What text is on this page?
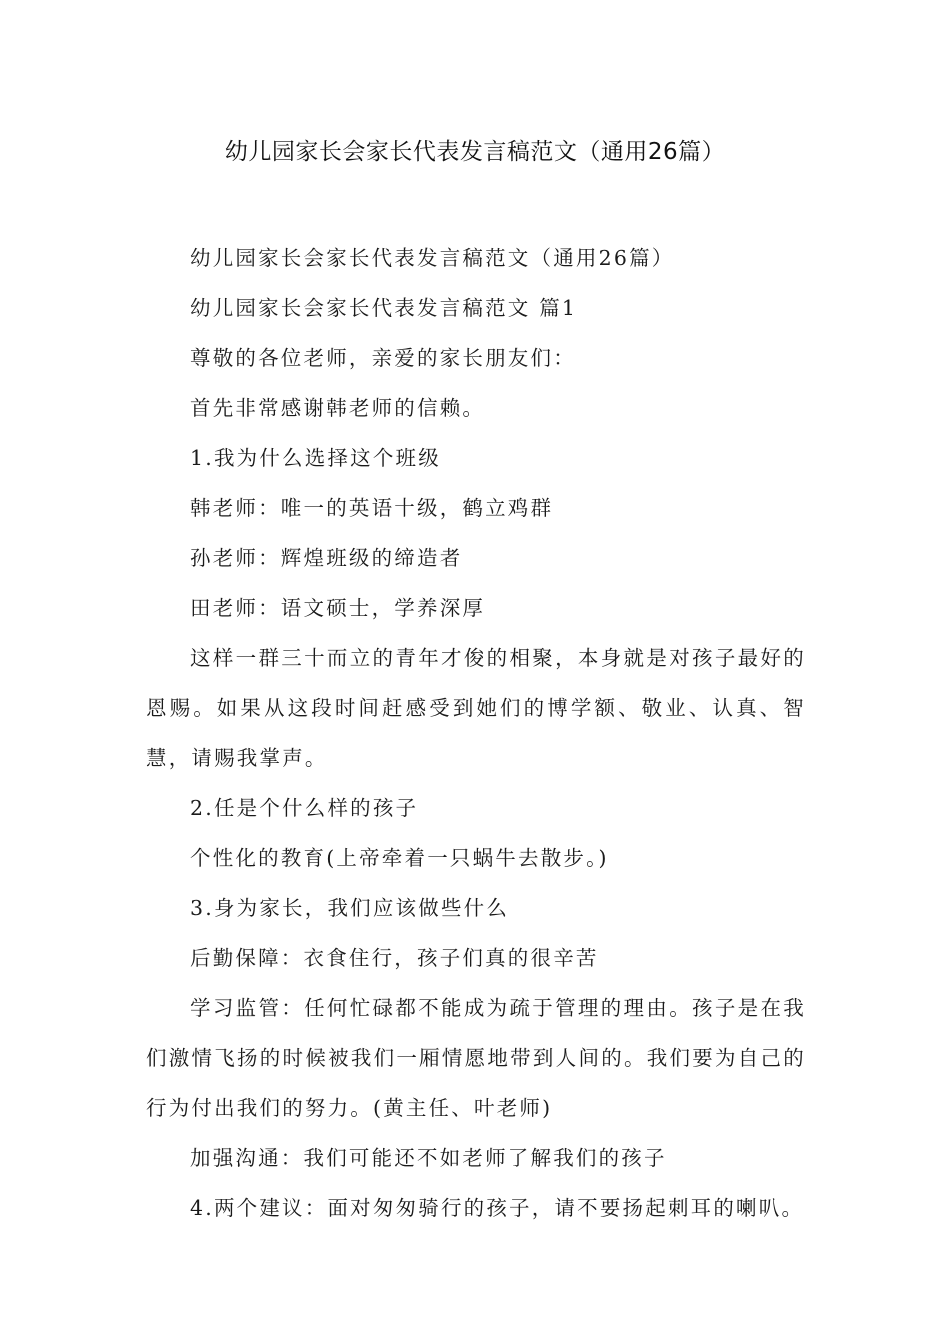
幼儿园家长会家长代表发言稿范文（通用26篇）

幼儿园家长会家长代表发言稿范文（通用26篇）

幼儿园家长会家长代表发言稿范文 篇1

尊敬的各位老师，亲爱的家长朋友们：

首先非常感谢韩老师的信赖。

1.我为什么选择这个班级

韩老师：唯一的英语十级，鹤立鸡群

孙老师：辉煌班级的缔造者

田老师：语文硕士，学养深厚

这样一群三十而立的青年才俊的相聚，本身就是对孩子最好的恩赐。如果从这段时间赶感受到她们的博学额、敬业、认真、智慧，请赐我掌声。

2.任是个什么样的孩子

个性化的教育(上帝牵着一只蜗牛去散步。)

3.身为家长，我们应该做些什么

后勤保障：衣食住行，孩子们真的很辛苦

学习监管：任何忙碌都不能成为疏于管理的理由。孩子是在我们激情飞扬的时候被我们一厢情愿地带到人间的。我们要为自己的行为付出我们的努力。(黄主任、叶老师)

加强沟通：我们可能还不如老师了解我们的孩子

4.两个建议：面对匆匆骑行的孩子，请不要扬起刺耳的喇叭。
